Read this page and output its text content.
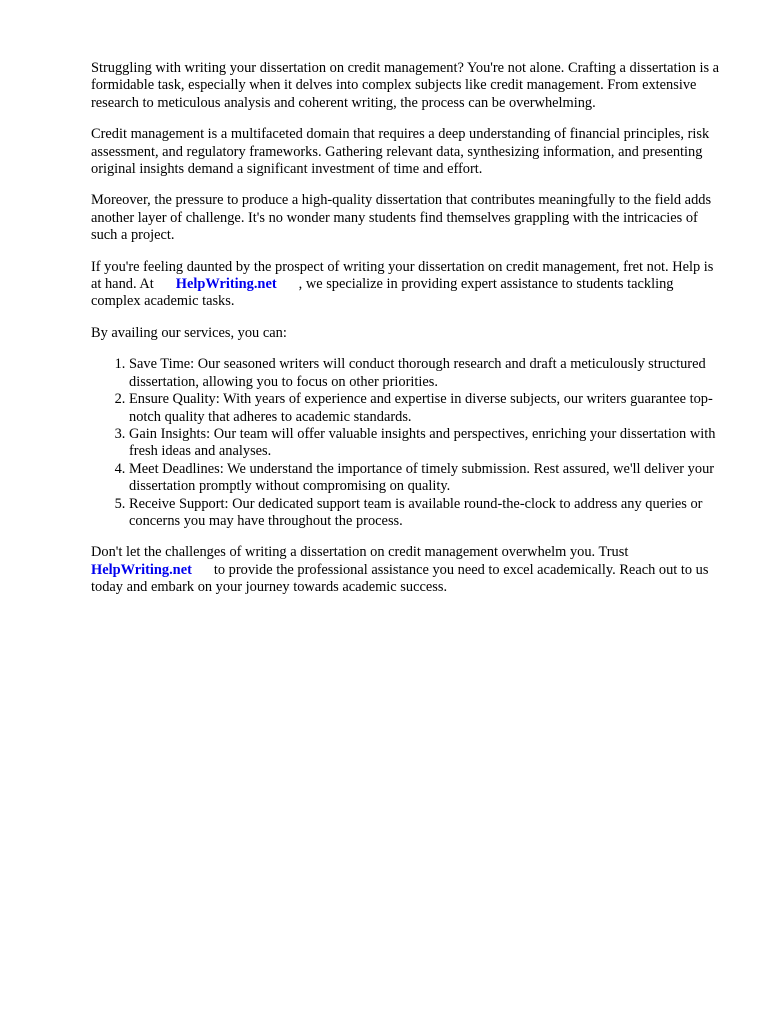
Struggling with writing your dissertation on credit management? You're not alone. Crafting a dissertation is a formidable task, especially when it delves into complex subjects like credit management. From extensive research to meticulous analysis and coherent writing, the process can be overwhelming.

Credit management is a multifaceted domain that requires a deep understanding of financial principles, risk assessment, and regulatory frameworks. Gathering relevant data, synthesizing information, and presenting original insights demand a significant investment of time and effort.

Moreover, the pressure to produce a high-quality dissertation that contributes meaningfully to the field adds another layer of challenge. It's no wonder many students find themselves grappling with the intricacies of such a project.

If you're feeling daunted by the prospect of writing your dissertation on credit management, fret not. Help is at hand. At HelpWriting.net , we specialize in providing expert assistance to students tackling complex academic tasks.

By availing our services, you can:

1. Save Time: Our seasoned writers will conduct thorough research and draft a meticulously structured dissertation, allowing you to focus on other priorities.
2. Ensure Quality: With years of experience and expertise in diverse subjects, our writers guarantee top-notch quality that adheres to academic standards.
3. Gain Insights: Our team will offer valuable insights and perspectives, enriching your dissertation with fresh ideas and analyses.
4. Meet Deadlines: We understand the importance of timely submission. Rest assured, we'll deliver your dissertation promptly without compromising on quality.
5. Receive Support: Our dedicated support team is available round-the-clock to address any queries or concerns you may have throughout the process.

Don't let the challenges of writing a dissertation on credit management overwhelm you. Trust HelpWriting.net to provide the professional assistance you need to excel academically. Reach out to us today and embark on your journey towards academic success.
